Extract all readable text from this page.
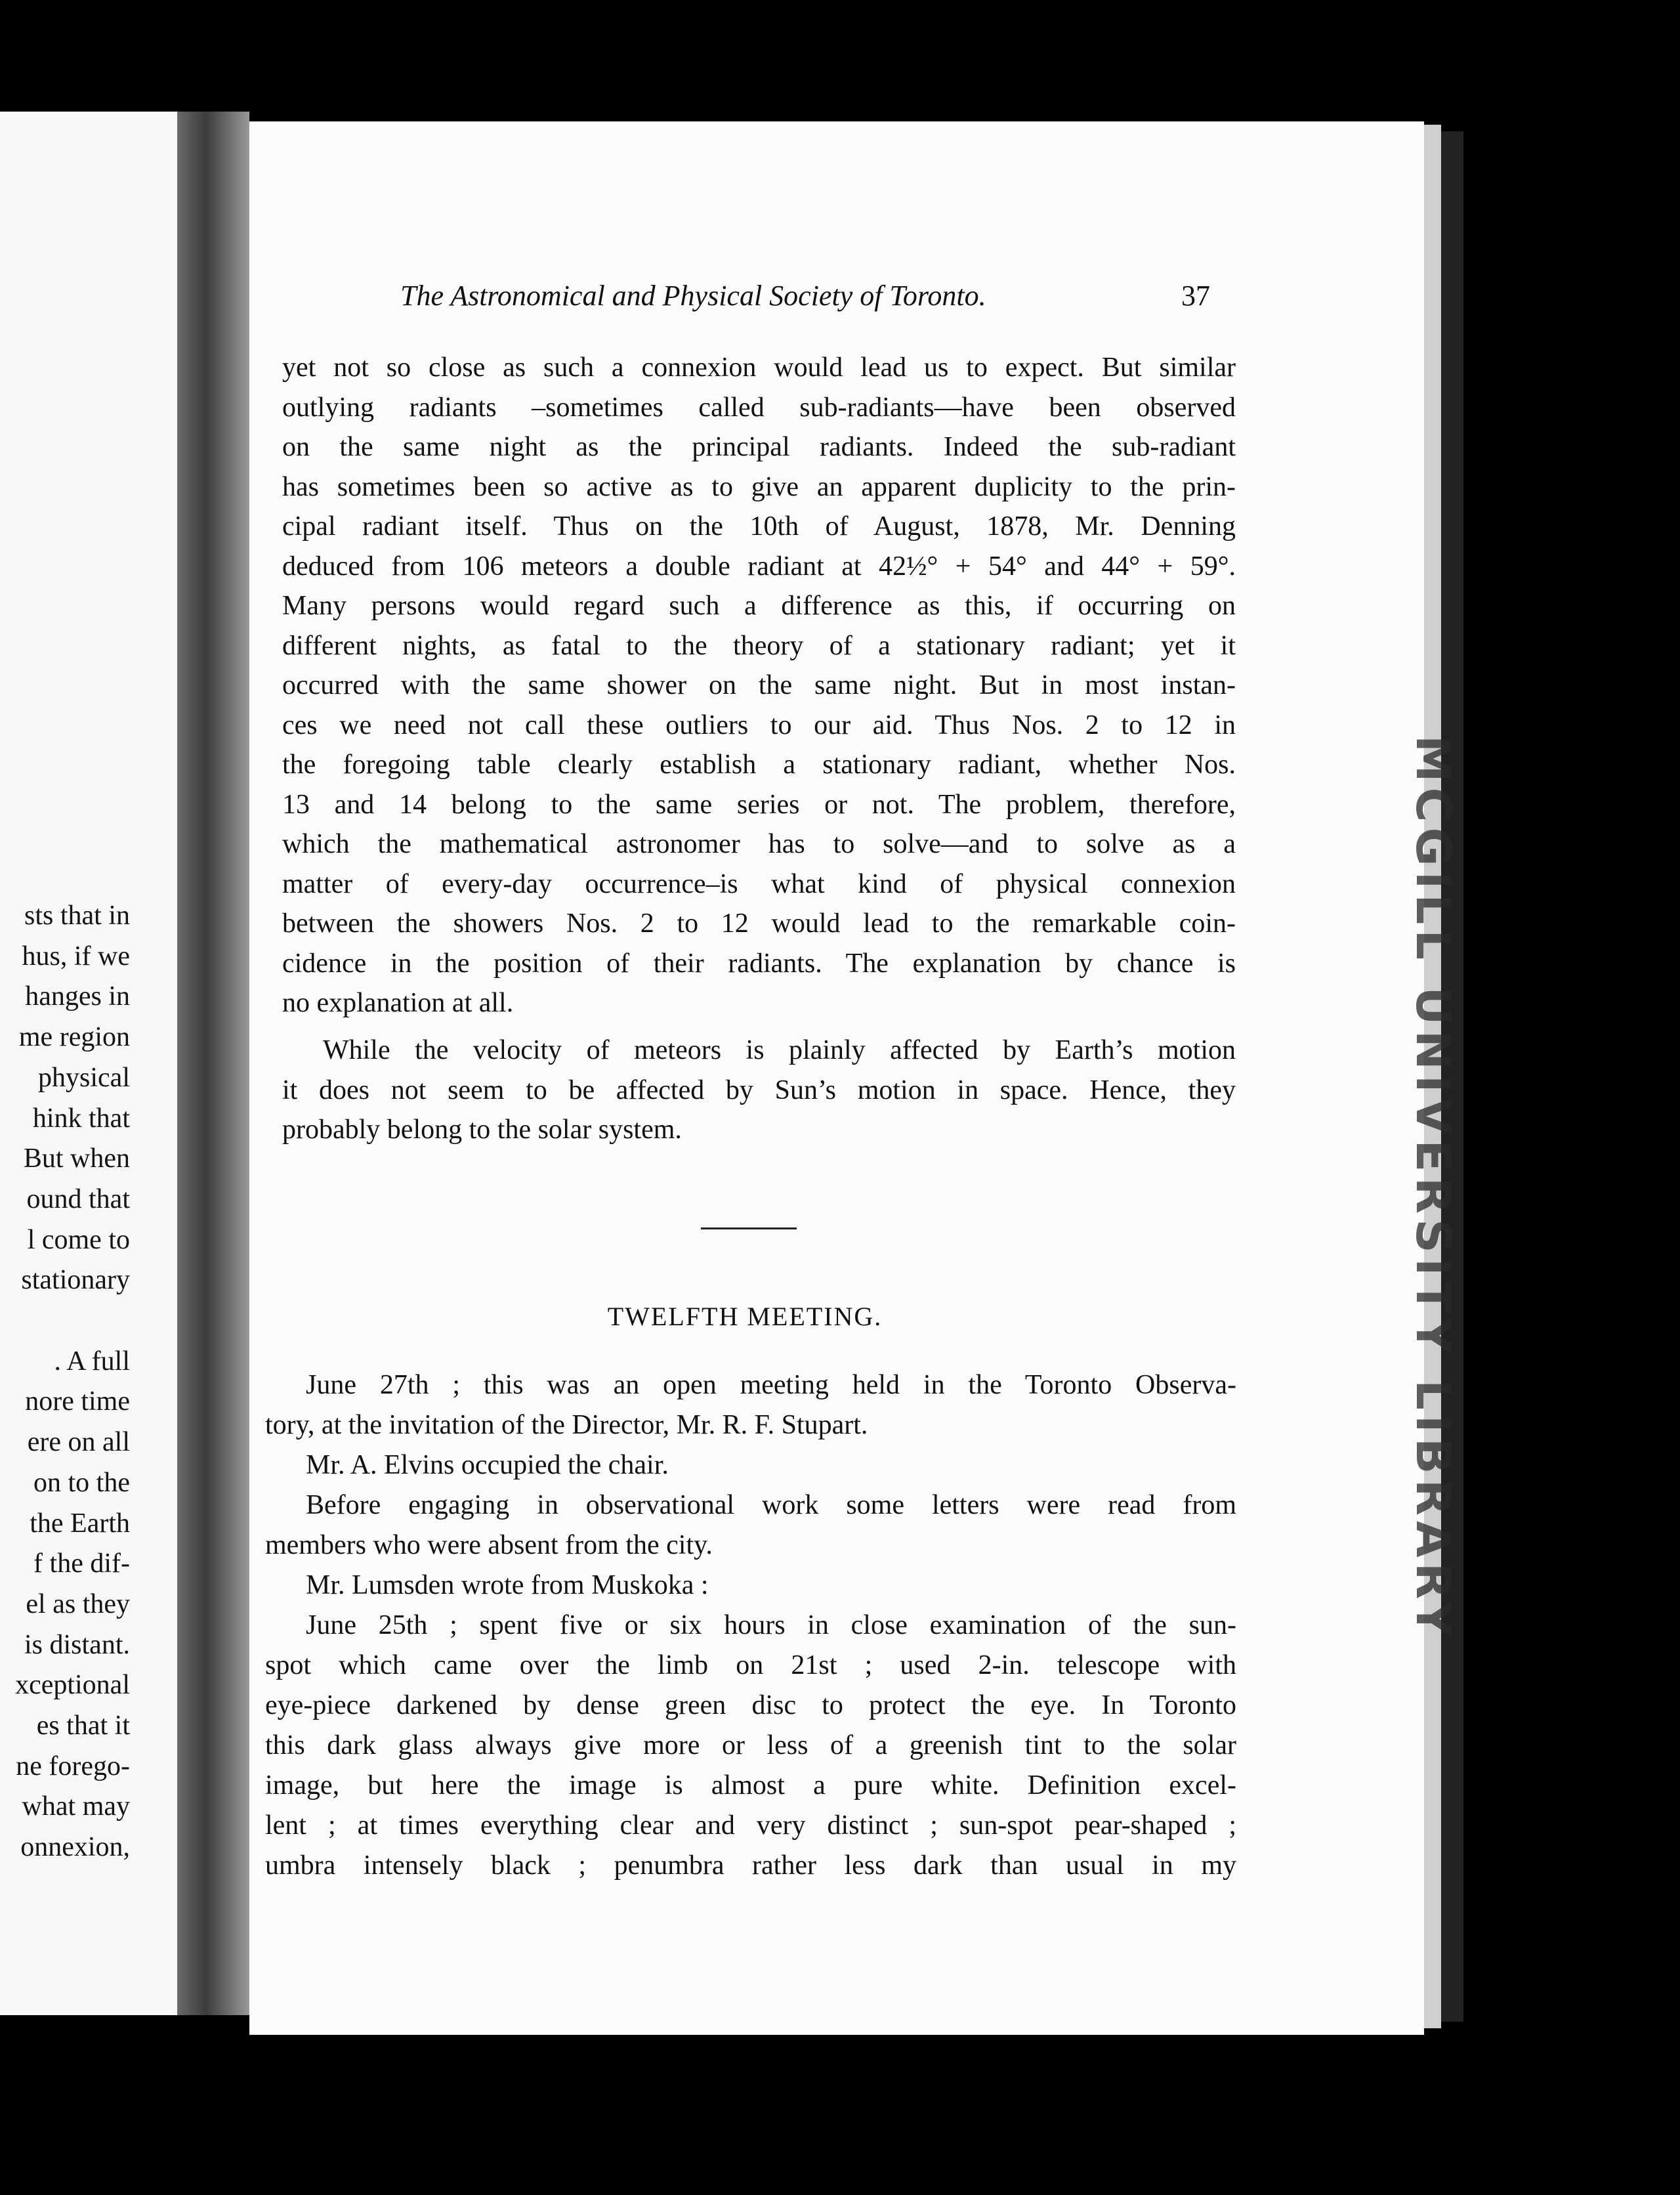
sts that in
hus, if we
hanges in
me region
physical
hink that
But when
ound that
l come to
stationary

. A full
nore time
ere on all
on to the
the Earth
f the dif-
el as they
is distant.
xceptional
es that it
ne forego-
what may
onnexion,
MCGILL UNIVERSITY LIBRARY
The Astronomical and Physical Society of Toronto.	37
yet not so close as such a connexion would lead us to expect. But similar
outlying radiants –sometimes called sub-radiants—have been observed
on the same night as the principal radiants. Indeed the sub-radiant
has sometimes been so active as to give an apparent duplicity to the prin-
cipal radiant itself. Thus on the 10th of August, 1878, Mr. Denning
deduced from 106 meteors a double radiant at 42½° + 54° and 44° + 59°.
Many persons would regard such a difference as this, if occurring on
different nights, as fatal to the theory of a stationary radiant; yet it
occurred with the same shower on the same night. But in most instan-
ces we need not call these outliers to our aid. Thus Nos. 2 to 12 in
the foregoing table clearly establish a stationary radiant, whether Nos.
13 and 14 belong to the same series or not. The problem, therefore,
which the mathematical astronomer has to solve—and to solve as a
matter of every-day occurrence–is what kind of physical connexion
between the showers Nos. 2 to 12 would lead to the remarkable coin-
cidence in the position of their radiants. The explanation by chance is
no explanation at all.
While the velocity of meteors is plainly affected by Earth’s motion
it does not seem to be affected by Sun’s motion in space. Hence, they
probably belong to the solar system.
TWELFTH MEETING.
June 27th ; this was an open meeting held in the Toronto Observa-
tory, at the invitation of the Director, Mr. R. F. Stupart.
Mr. A. Elvins occupied the chair.
Before engaging in observational work some letters were read from
members who were absent from the city.
Mr. Lumsden wrote from Muskoka :
June 25th ; spent five or six hours in close examination of the sun-
spot which came over the limb on 21st ; used 2-in. telescope with
eye-piece darkened by dense green disc to protect the eye. In Toronto
this dark glass always give more or less of a greenish tint to the solar
image, but here the image is almost a pure white. Definition excel-
lent ; at times everything clear and very distinct ; sun-spot pear-shaped ;
umbra intensely black ; penumbra rather less dark than usual in my
